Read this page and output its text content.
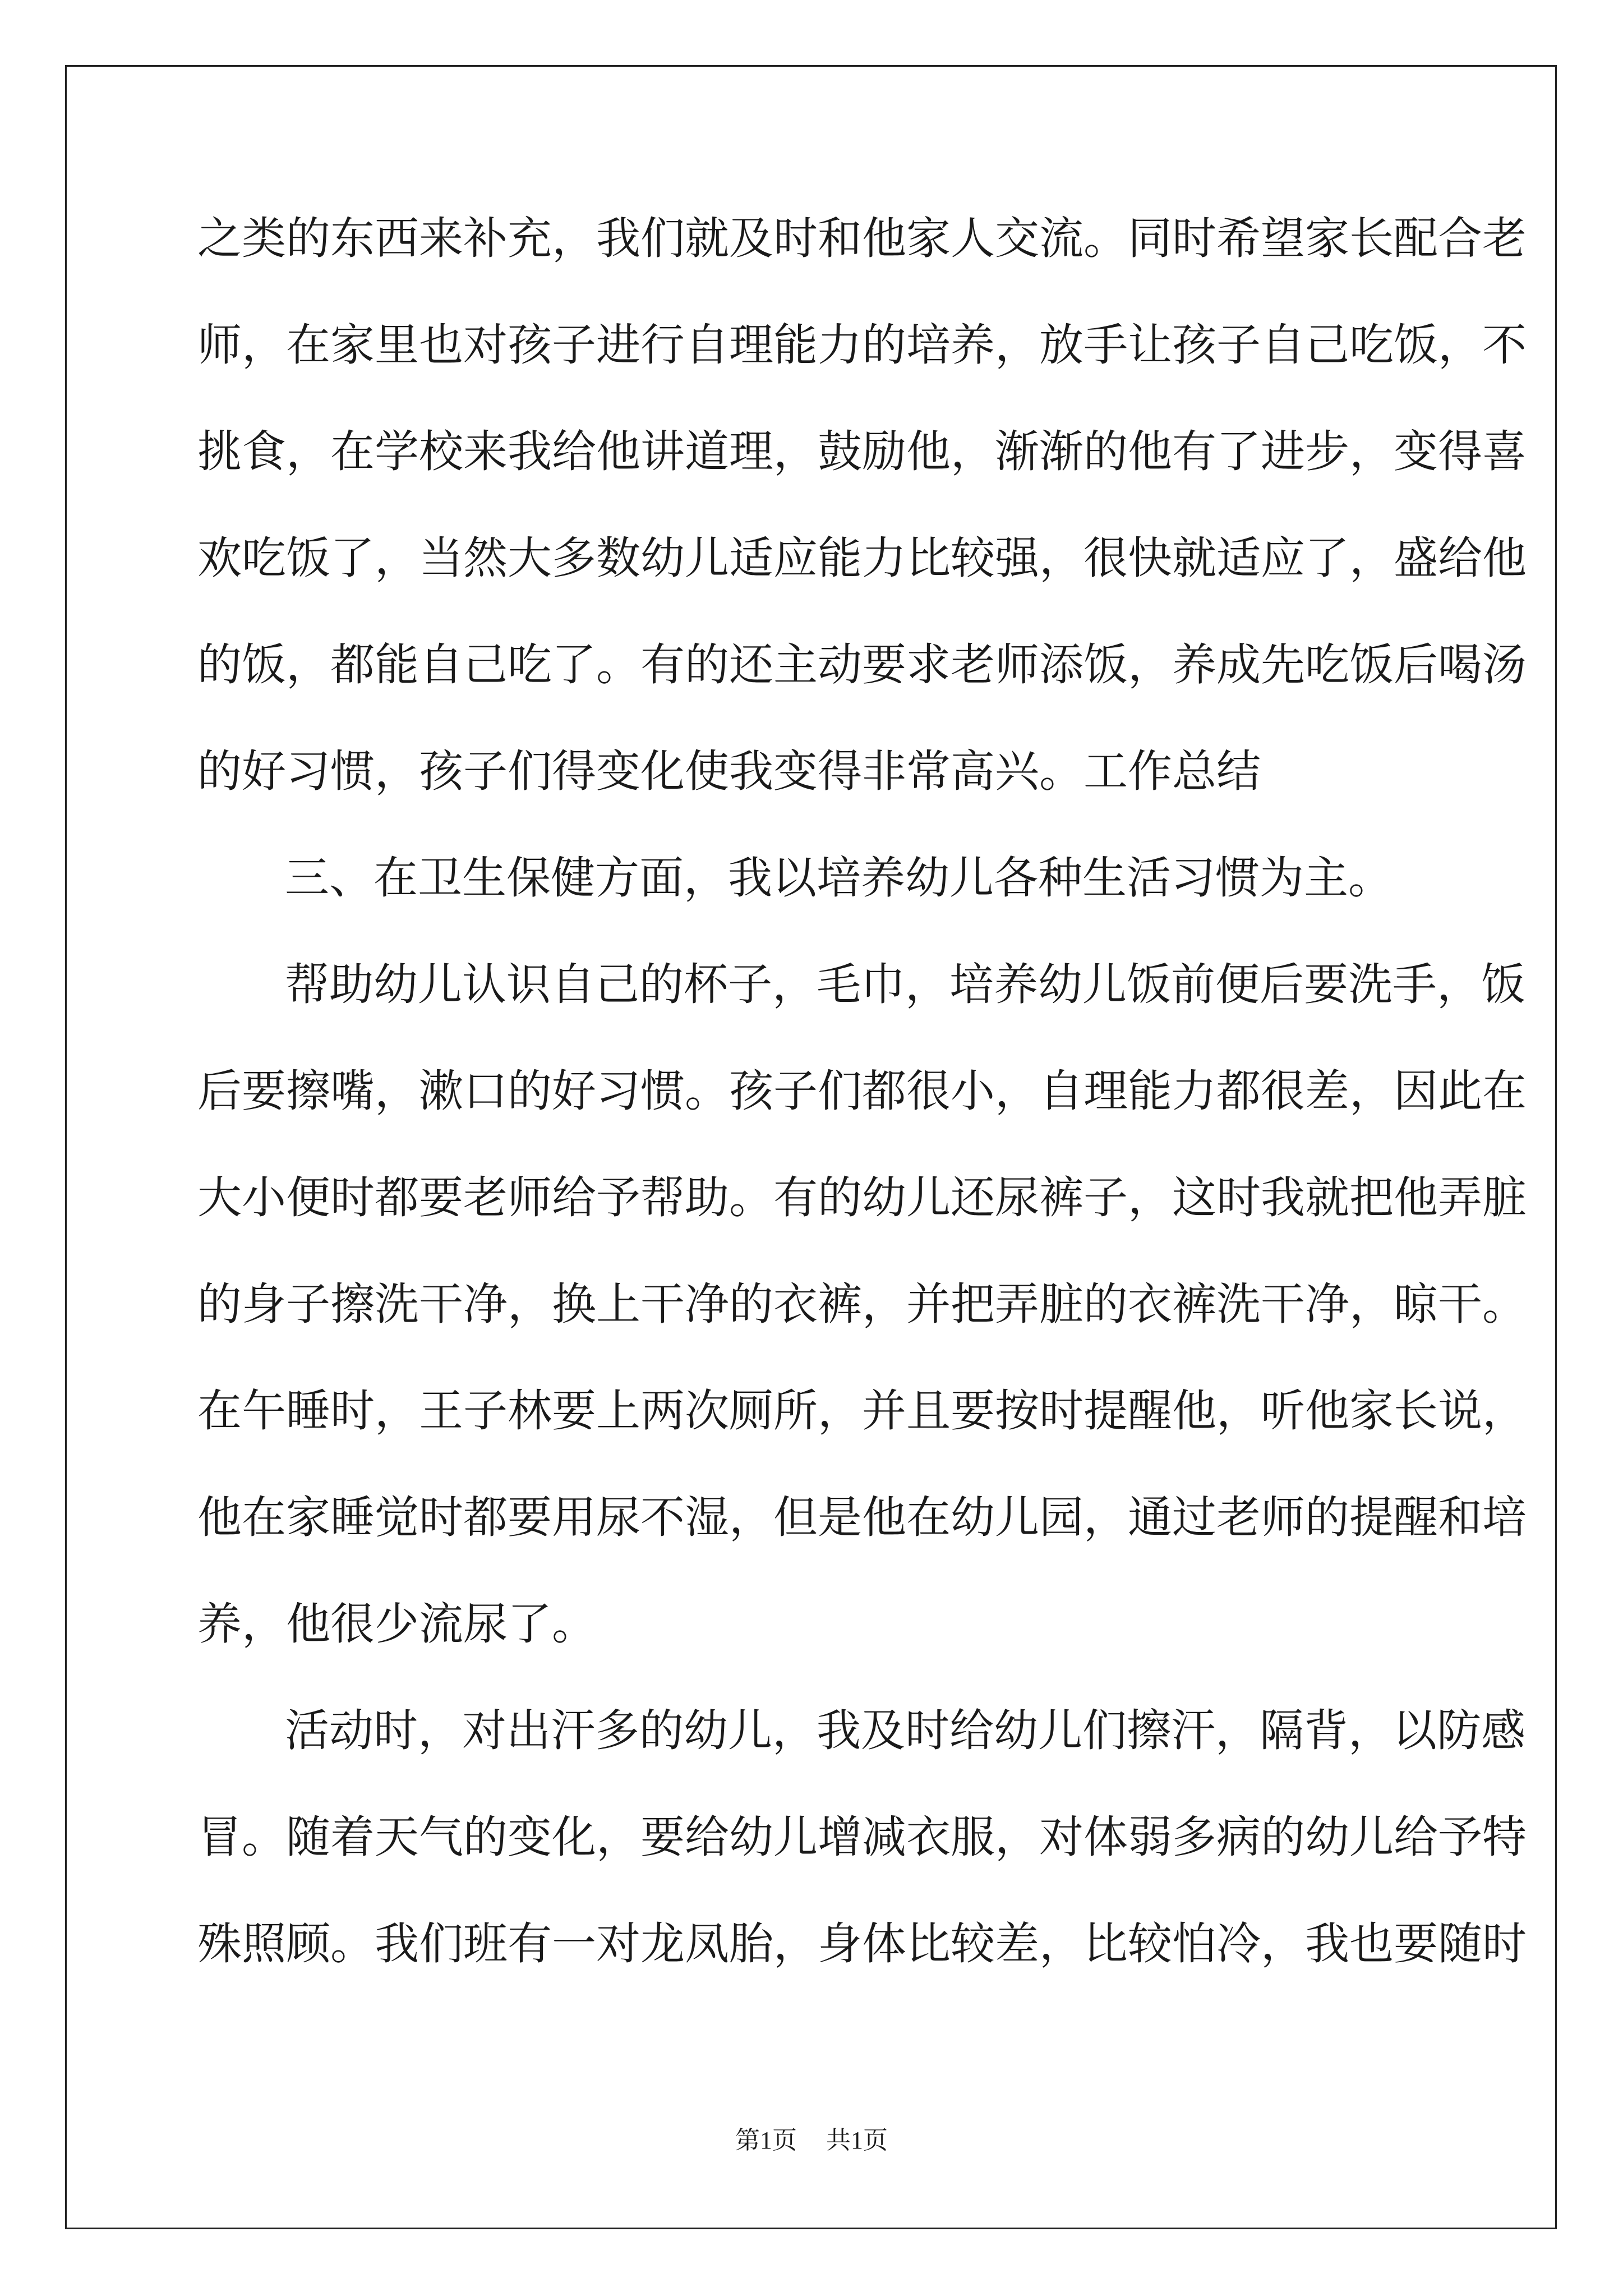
之类的东西来补充，我们就及时和他家人交流。同时希望家长配合老
师，在家里也对孩子进行自理能力的培养，放手让孩子自己吃饭，不
挑食，在学校来我给他讲道理，鼓励他，渐渐的他有了进步，变得喜
欢吃饭了，当然大多数幼儿适应能力比较强，很快就适应了，盛给他
的饭，都能自己吃了。有的还主动要求老师添饭，养成先吃饭后喝汤
的好习惯，孩子们得变化使我变得非常高兴。工作总结
三、在卫生保健方面，我以培养幼儿各种生活习惯为主。
帮助幼儿认识自己的杯子，毛巾，培养幼儿饭前便后要洗手，饭
后要擦嘴，漱口的好习惯。孩子们都很小，自理能力都很差，因此在
大小便时都要老师给予帮助。有的幼儿还尿裤子，这时我就把他弄脏
的身子擦洗干净，换上干净的衣裤，并把弄脏的衣裤洗干净，晾干。
在午睡时，王子林要上两次厕所，并且要按时提醒他，听他家长说，
他在家睡觉时都要用尿不湿，但是他在幼儿园，通过老师的提醒和培
养，他很少流尿了。
活动时，对出汗多的幼儿，我及时给幼儿们擦汗，隔背，以防感
冒。随着天气的变化，要给幼儿增减衣服，对体弱多病的幼儿给予特
殊照顾。我们班有一对龙凤胎，身体比较差，比较怕冷，我也要随时
第1页 共1页
